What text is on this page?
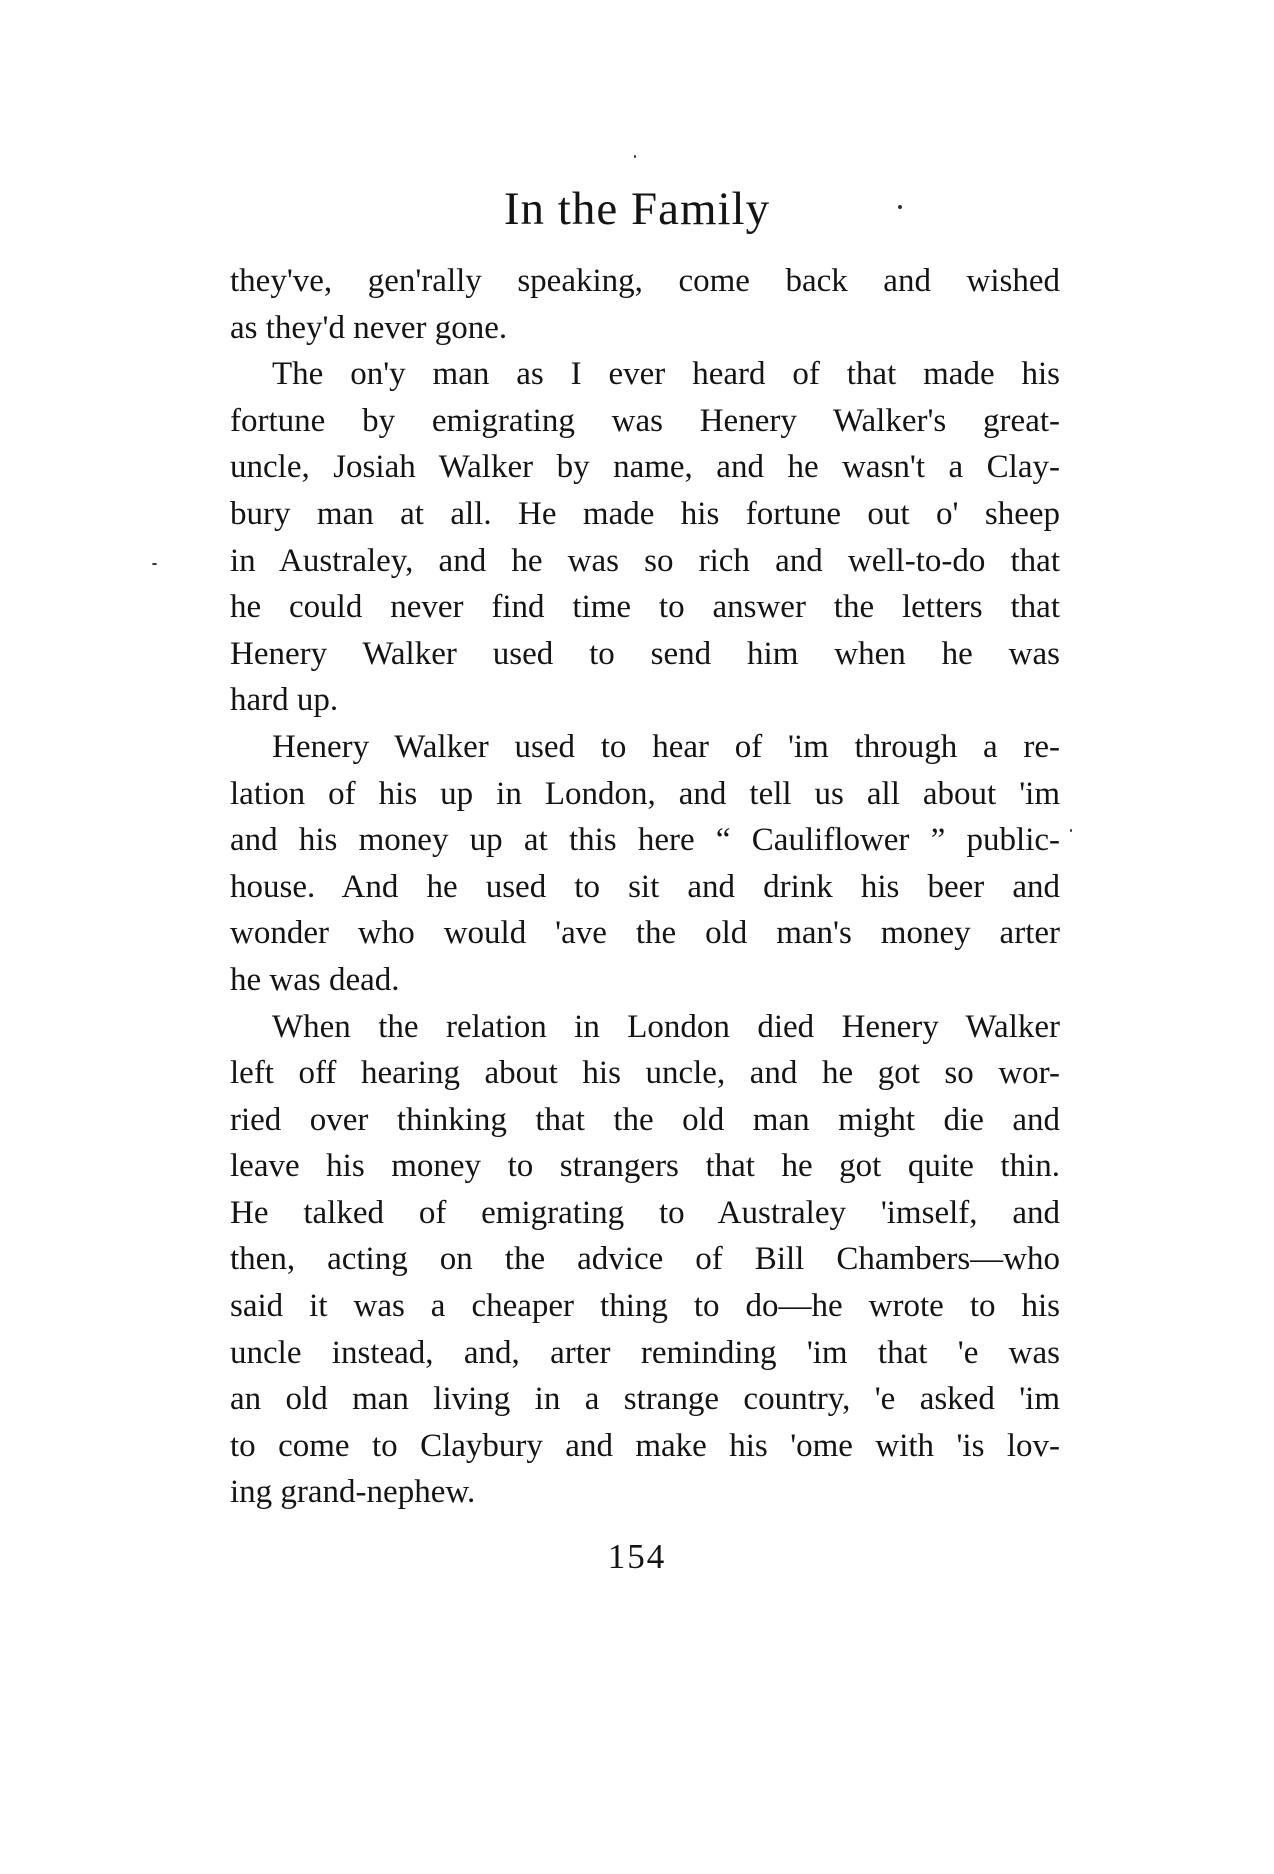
In the Family
they've, gen'rally speaking, come back and wished
as they'd never gone.
The on'y man as I ever heard of that made his
fortune by emigrating was Henery Walker's great-
uncle, Josiah Walker by name, and he wasn't a Clay-
bury man at all. He made his fortune out o' sheep
in Australey, and he was so rich and well-to-do that
he could never find time to answer the letters that
Henery Walker used to send him when he was
hard up.
Henery Walker used to hear of 'im through a re-
lation of his up in London, and tell us all about 'im
and his money up at this here “ Cauliflower ” public-
house. And he used to sit and drink his beer and
wonder who would 'ave the old man's money arter
he was dead.
When the relation in London died Henery Walker
left off hearing about his uncle, and he got so wor-
ried over thinking that the old man might die and
leave his money to strangers that he got quite thin.
He talked of emigrating to Australey 'imself, and
then, acting on the advice of Bill Chambers—who
said it was a cheaper thing to do—he wrote to his
uncle instead, and, arter reminding 'im that 'e was
an old man living in a strange country, 'e asked 'im
to come to Claybury and make his 'ome with 'is lov-
ing grand-nephew.
154
